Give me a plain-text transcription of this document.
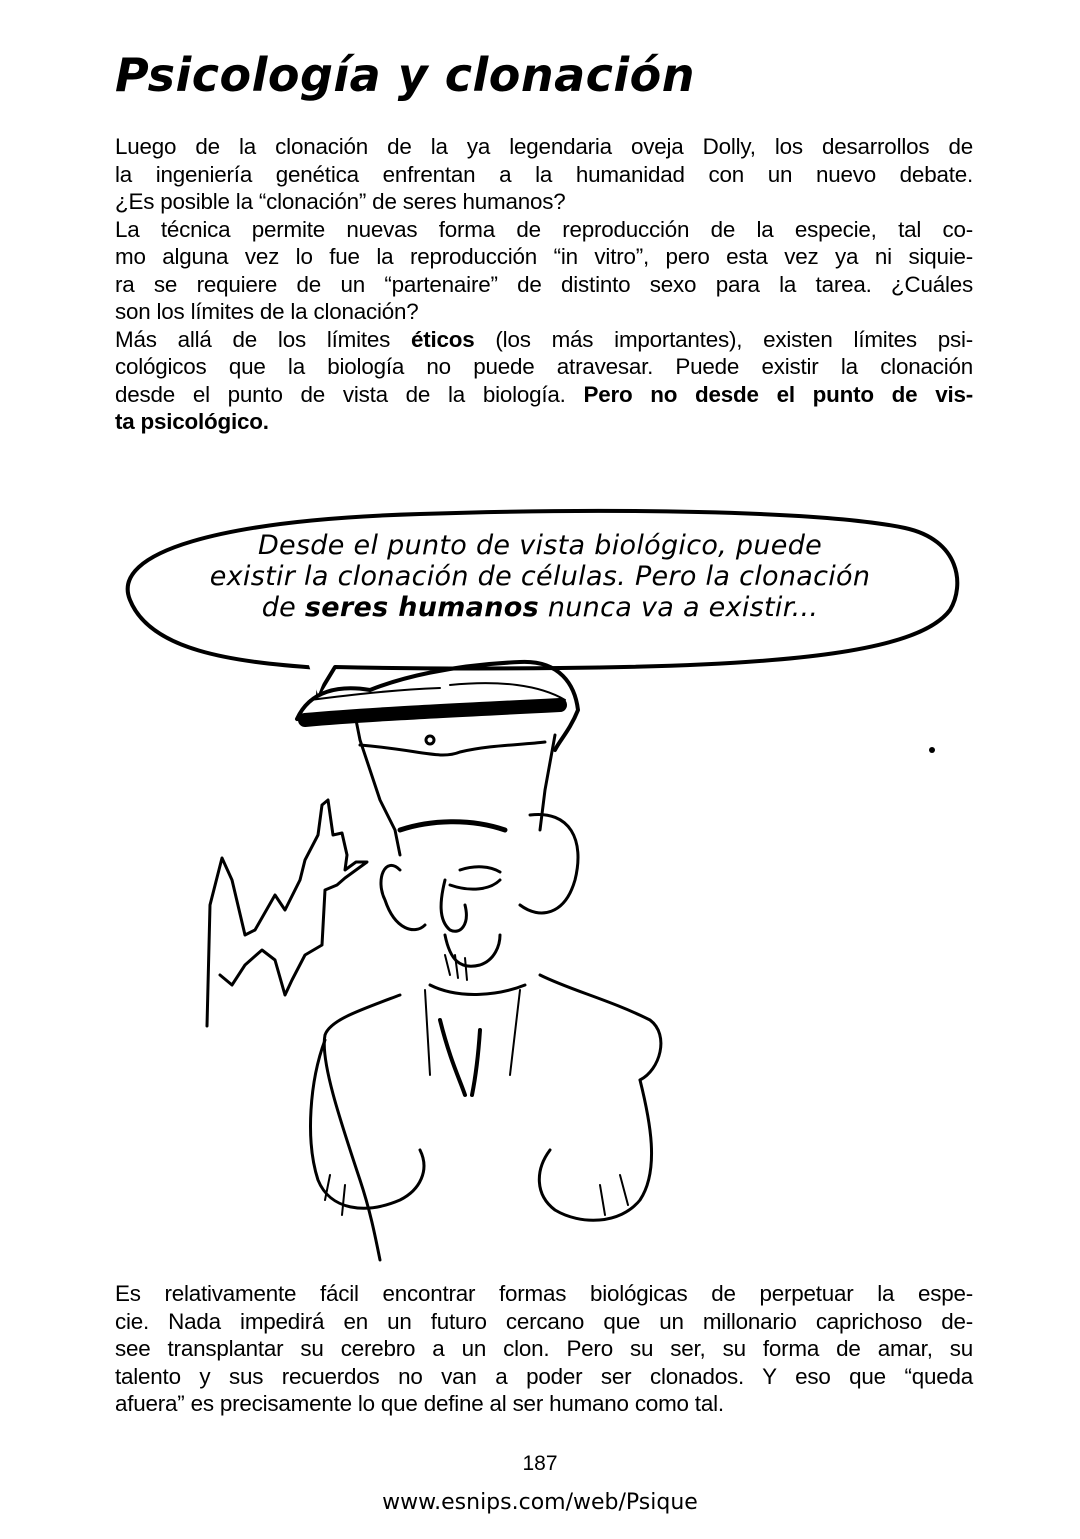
Psicología y clonación
Luego de la clonación de la ya legendaria oveja Dolly, los desarrollos de
la ingeniería genética enfrentan a la humanidad con un nuevo debate.
¿Es posible la “clonación” de seres humanos?
La técnica permite nuevas forma de reproducción de la especie, tal co-
mo alguna vez lo fue la reproducción “in vitro”, pero esta vez ya ni siquie-
ra se requiere de un “partenaire” de distinto sexo para la tarea. ¿Cuáles
son los límites de la clonación?
Más allá de los límites éticos (los más importantes), existen límites psi-
cológicos que la biología no puede atravesar. Puede existir la clonación
desde el punto de vista de la biología. Pero no desde el punto de vis-
ta psicológico.
Desde el punto de vista biológico, puede
existir la clonación de células. Pero la clonación
de seres humanos nunca va a existir...
Es relativamente fácil encontrar formas biológicas de perpetuar la espe-
cie. Nada impedirá en un futuro cercano que un millonario caprichoso de-
see transplantar su cerebro a un clon. Pero su ser, su forma de amar, su
talento y sus recuerdos no van a poder ser clonados. Y eso que “queda
afuera” es precisamente lo que define al ser humano como tal.
187
www.esnips.com/web/Psique
